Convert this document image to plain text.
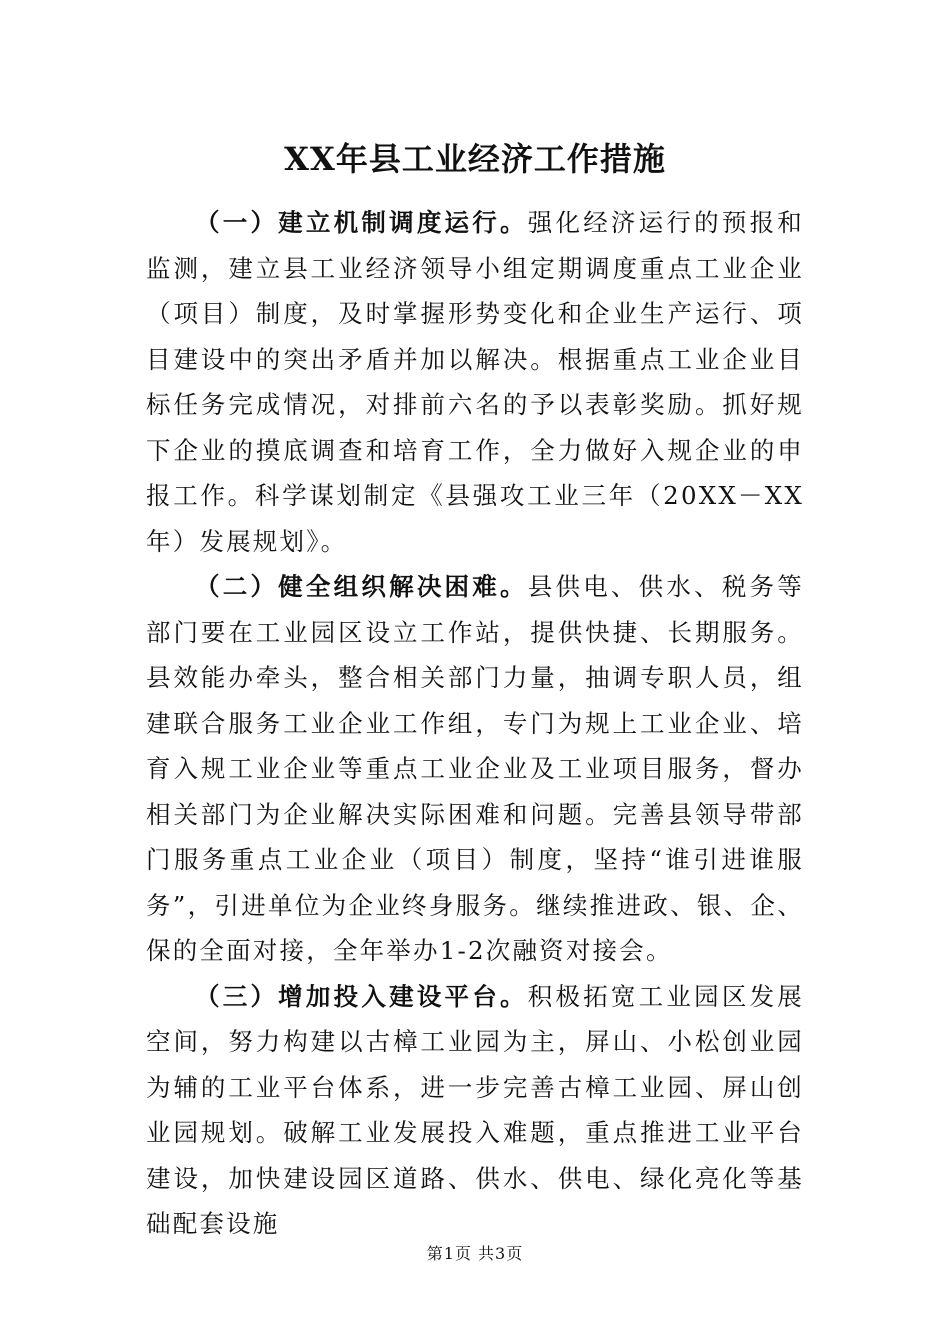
XX年县工业经济工作措施

（一）建立机制调度运行。强化经济运行的预报和监测，建立县工业经济领导小组定期调度重点工业企业（项目）制度，及时掌握形势变化和企业生产运行、项目建设中的突出矛盾并加以解决。根据重点工业企业目标任务完成情况，对排前六名的予以表彰奖励。抓好规下企业的摸底调查和培育工作，全力做好入规企业的申报工作。科学谋划制定《县强攻工业三年（20XX－XX年）发展规划》。

（二）健全组织解决困难。县供电、供水、税务等部门要在工业园区设立工作站，提供快捷、长期服务。县效能办牵头，整合相关部门力量，抽调专职人员，组建联合服务工业企业工作组，专门为规上工业企业、培育入规工业企业等重点工业企业及工业项目服务，督办相关部门为企业解决实际困难和问题。完善县领导带部门服务重点工业企业（项目）制度，坚持“谁引进谁服务”，引进单位为企业终身服务。继续推进政、银、企、保的全面对接，全年举办1-2次融资对接会。

（三）增加投入建设平台。积极拓宽工业园区发展空间，努力构建以古樟工业园为主，屏山、小松创业园为辅的工业平台体系，进一步完善古樟工业园、屏山创业园规划。破解工业发展投入难题，重点推进工业平台建设，加快建设园区道路、供水、供电、绿化亮化等基础配套设施

第1页 共3页
